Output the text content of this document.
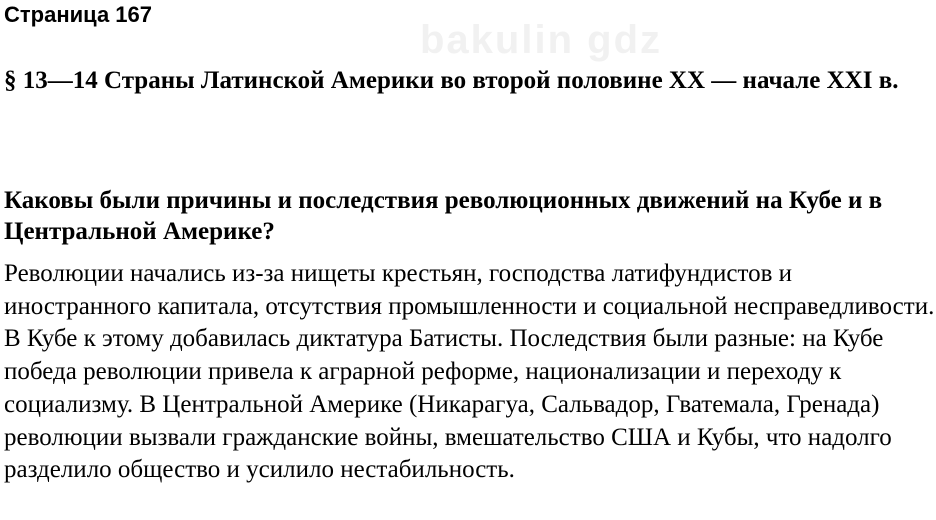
bakulin gdz
Страница 167
§ 13—14 Страны Латинской Америки во второй половине XX — начале XXI в.
Каковы были причины и последствия революционных движений на Кубе и в Центральной Америке?

Революции начались из-за нищеты крестьян, господства латифундистов и иностранного капитала, отсутствия промышленности и социальной несправедливости. В Кубе к этому добавилась диктатура Батисты. Последствия были разные: на Кубе победа революции привела к аграрной реформе, национализации и переходу к социализму. В Центральной Америке (Никарагуа, Сальвадор, Гватемала, Гренада) революции вызвали гражданские войны, вмешательство США и Кубы, что надолго разделило общество и усилило нестабильность.
